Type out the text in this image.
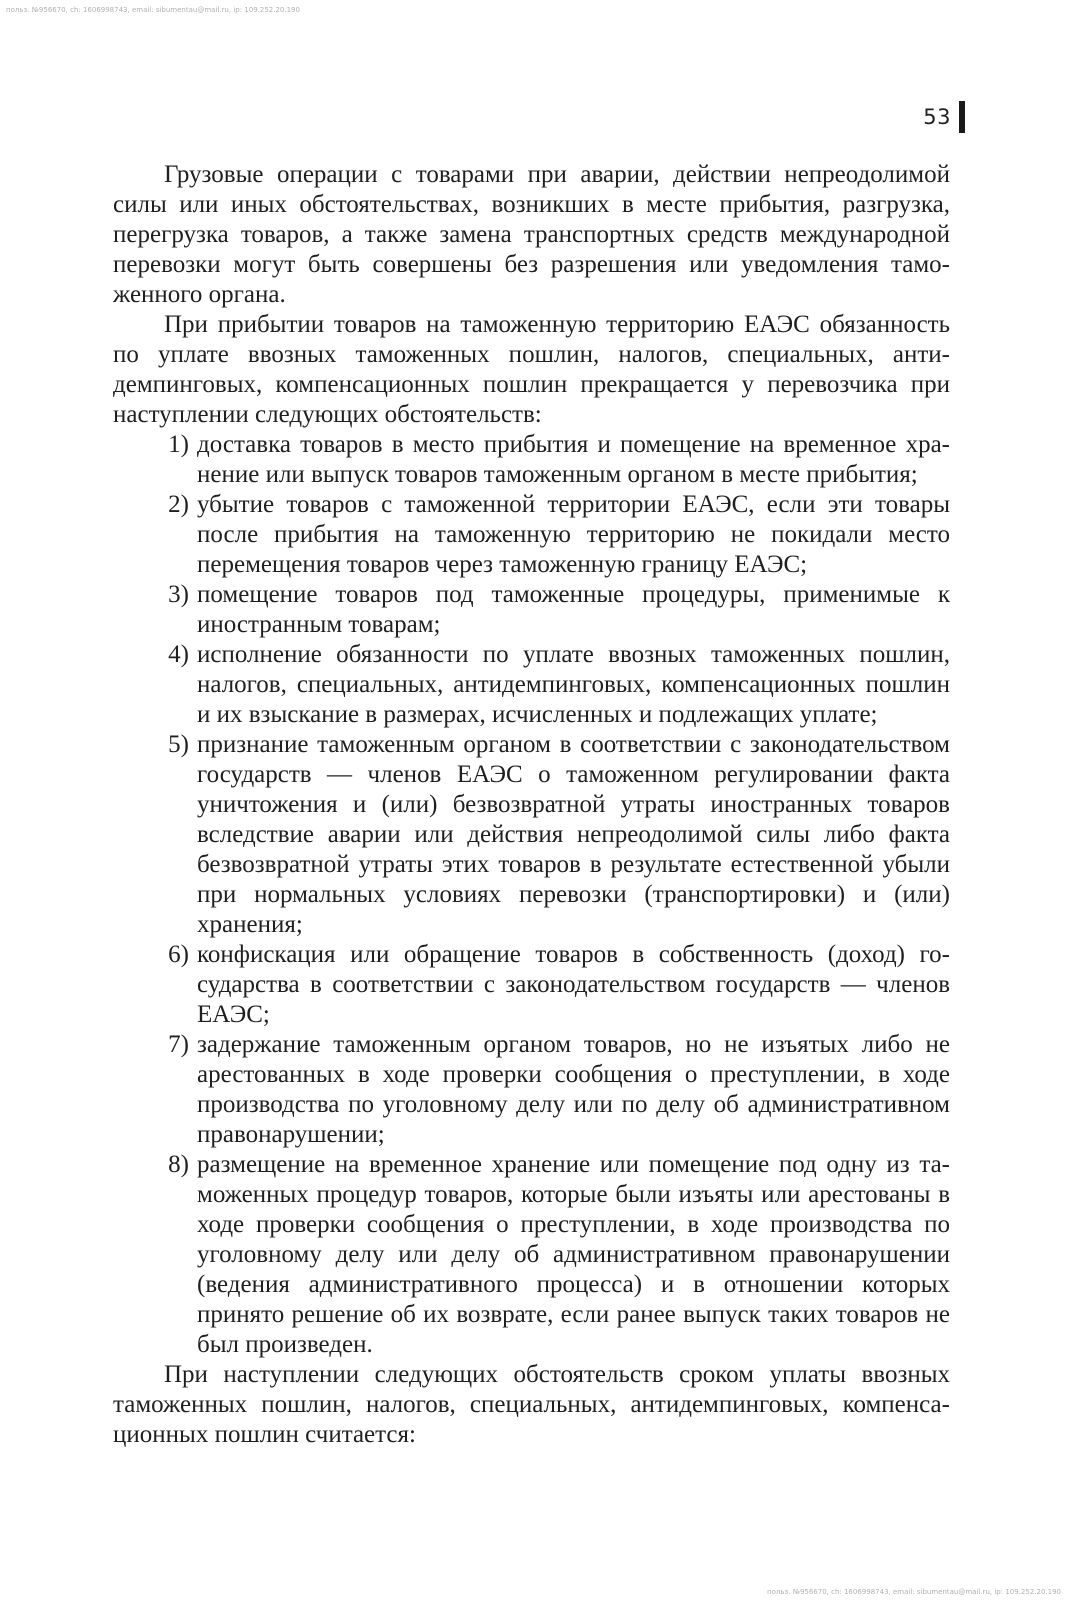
польз. №956670, сh: 1606998743, email: sibumentau@mail.ru, ip: 109.252.20.190
53

Грузовые операции с товарами при аварии, действии непреодолимой силы или иных обстоятельствах, возникших в месте прибытия, разгрузка, перегрузка товаров, а также замена транспортных средств международной перевозки могут быть совершены без разрешения или уведомления таможенного органа.

При прибытии товаров на таможенную территорию ЕАЭС обязанность по уплате ввозных таможенных пошлин, налогов, специальных, антидемпинговых, компенсационных пошлин прекращается у перевозчика при наступлении следующих обстоятельств:

1) доставка товаров в место прибытия и помещение на временное хранение или выпуск товаров таможенным органом в месте прибытия;
2) убытие товаров с таможенной территории ЕАЭС, если эти товары после прибытия на таможенную территорию не покидали место перемещения товаров через таможенную границу ЕАЭС;
3) помещение товаров под таможенные процедуры, применимые к иностранным товарам;
4) исполнение обязанности по уплате ввозных таможенных пошлин, налогов, специальных, антидемпинговых, компенсационных пошлин и их взыскание в размерах, исчисленных и подлежащих уплате;
5) признание таможенным органом в соответствии с законодательством государств — членов ЕАЭС о таможенном регулировании факта уничтожения и (или) безвозвратной утраты иностранных товаров вследствие аварии или действия непреодолимой силы либо факта безвозвратной утраты этих товаров в результате естественной убыли при нормальных условиях перевозки (транспортировки) и (или) хранения;
6) конфискация или обращение товаров в собственность (доход) государства в соответствии с законодательством государств — членов ЕАЭС;
7) задержание таможенным органом товаров, но не изъятых либо не арестованных в ходе проверки сообщения о преступлении, в ходе производства по уголовному делу или по делу об административном правонарушении;
8) размещение на временное хранение или помещение под одну из таможенных процедур товаров, которые были изъяты или арестованы в ходе проверки сообщения о преступлении, в ходе производства по уголовному делу или делу об административном правонарушении (ведения административного процесса) и в отношении которых принято решение об их возврате, если ранее выпуск таких товаров не был произведен.

При наступлении следующих обстоятельств сроком уплаты ввозных таможенных пошлин, налогов, специальных, антидемпинговых, компенсационных пошлин считается:

польз. №956670, сh: 1606998743, email: sibumentau@mail.ru, ip: 109.252.20.190
